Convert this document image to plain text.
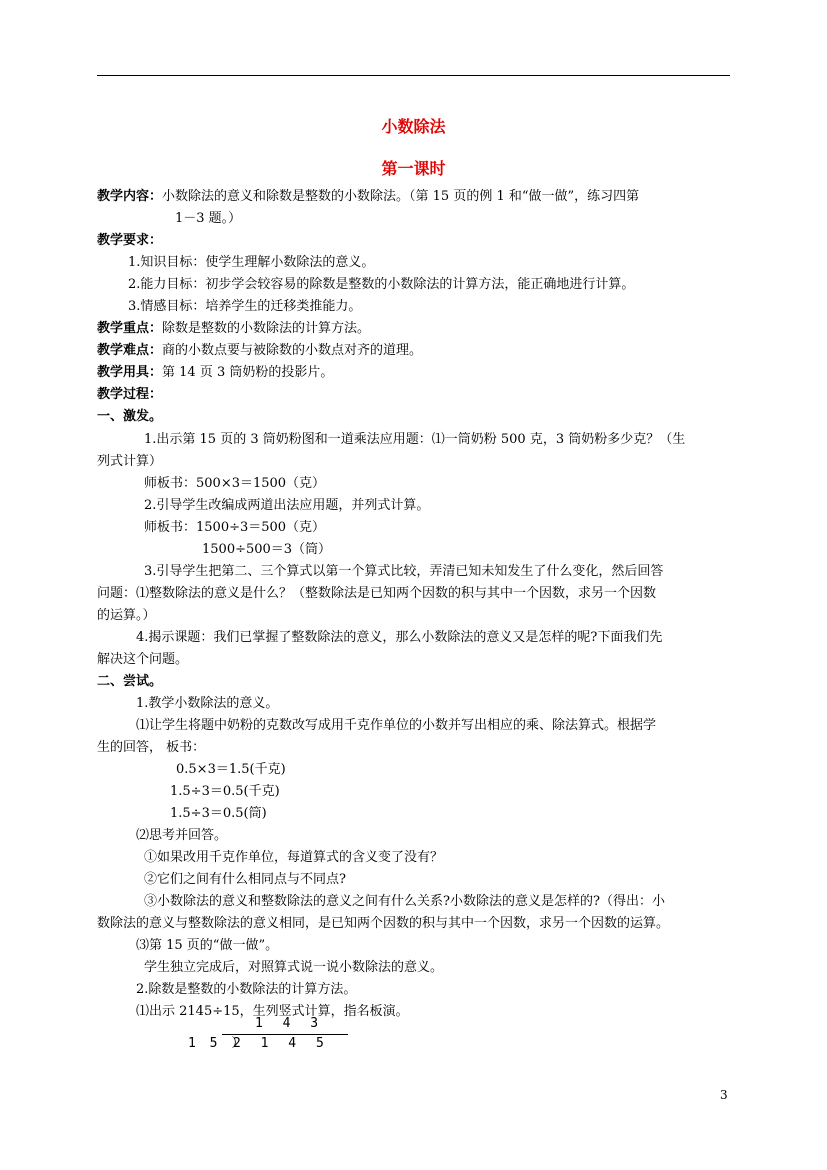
小数除法
第一课时
教学内容：小数除法的意义和除数是整数的小数除法。（第 15 页的例 1 和“做一做”，练习四第
1－3 题。）
教学要求：
1.知识目标：使学生理解小数除法的意义。
2.能力目标：初步学会较容易的除数是整数的小数除法的计算方法，能正确地进行计算。
3.情感目标：培养学生的迁移类推能力。
教学重点：除数是整数的小数除法的计算方法。
教学难点：商的小数点要与被除数的小数点对齐的道理。
教学用具：第 14 页 3 筒奶粉的投影片。
教学过程：
一、激发。
1.出示第 15 页的 3 筒奶粉图和一道乘法应用题：⑴一筒奶粉 500 克，3 筒奶粉多少克？（生
列式计算）
师板书：500×3＝1500（克）
2.引导学生改编成两道出法应用题，并列式计算。
师板书：1500÷3＝500（克）
1500÷500＝3（筒）
3.引导学生把第二、三个算式以第一个算式比较，弄清已知未知发生了什么变化，然后回答
问题：⑴整数除法的意义是什么？（整数除法是已知两个因数的积与其中一个因数，求另一个因数
的运算。）
4.揭示课题：我们已掌握了整数除法的意义，那么小数除法的意义又是怎样的呢?下面我们先
解决这个问题。
二、尝试。
1.教学小数除法的意义。
⑴让学生将题中奶粉的克数改写成用千克作单位的小数并写出相应的乘、除法算式。根据学
生的回答， 板书：
0.5×3＝1.5(千克)
1.5÷3＝0.5(千克)
1.5÷3＝0.5(筒)
⑵思考并回答。
①如果改用千克作单位，每道算式的含义变了没有？
②它们之间有什么相同点与不同点?
③小数除法的意义和整数除法的意义之间有什么关系?小数除法的意义是怎样的?（得出：小
数除法的意义与整数除法的意义相同，是已知两个因数的积与其中一个因数，求另一个因数的运算。
⑶第 15 页的“做一做”。
学生独立完成后，对照算式说一说小数除法的意义。
2.除数是整数的小数除法的计算方法。
⑴出示 2145÷15，生列竖式计算，指名板演。
1 4 3
1 5 ）
2 1 4 5
3
